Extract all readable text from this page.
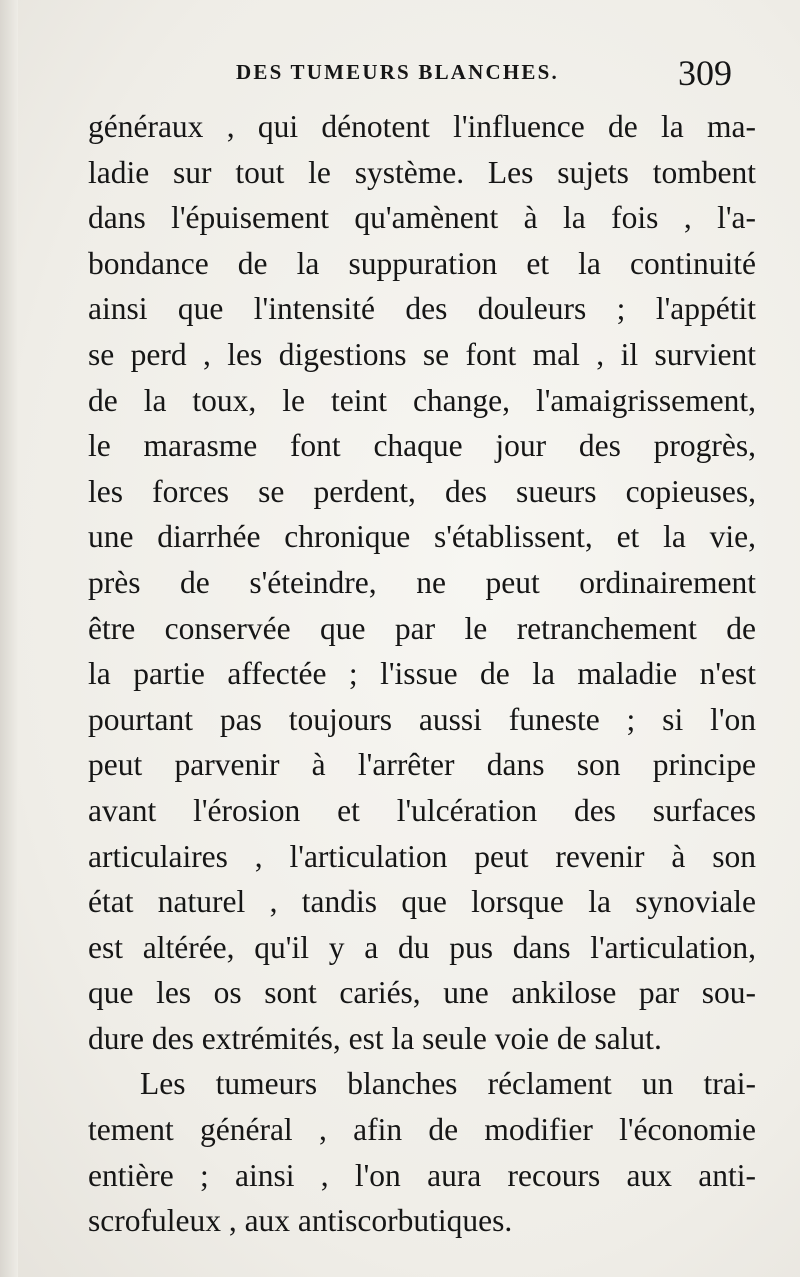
DES TUMEURS BLANCHES.	309
généraux , qui dénotent l'influence de la ma-
ladie sur tout le système. Les sujets tombent
dans l'épuisement qu'amènent à la fois , l'a-
bondance de la suppuration et la continuité
ainsi que l'intensité des douleurs ; l'appétit
se perd , les digestions se font mal , il survient
de la toux, le teint change, l'amaigrissement,
le marasme font chaque jour des progrès,
les forces se perdent, des sueurs copieuses,
une diarrhée chronique s'établissent, et la vie,
près de s'éteindre, ne peut ordinairement
être conservée que par le retranchement de
la partie affectée ; l'issue de la maladie n'est
pourtant pas toujours aussi funeste ; si l'on
peut parvenir à l'arrêter dans son principe
avant l'érosion et l'ulcération des surfaces
articulaires , l'articulation peut revenir à son
état naturel , tandis que lorsque la synoviale
est altérée, qu'il y a du pus dans l'articulation,
que les os sont cariés, une ankilose par sou-
dure des extrémités, est la seule voie de salut.
Les tumeurs blanches réclament un trai-
tement général , afin de modifier l'économie
entière ; ainsi , l'on aura recours aux anti-
scrofuleux , aux antiscorbutiques.
